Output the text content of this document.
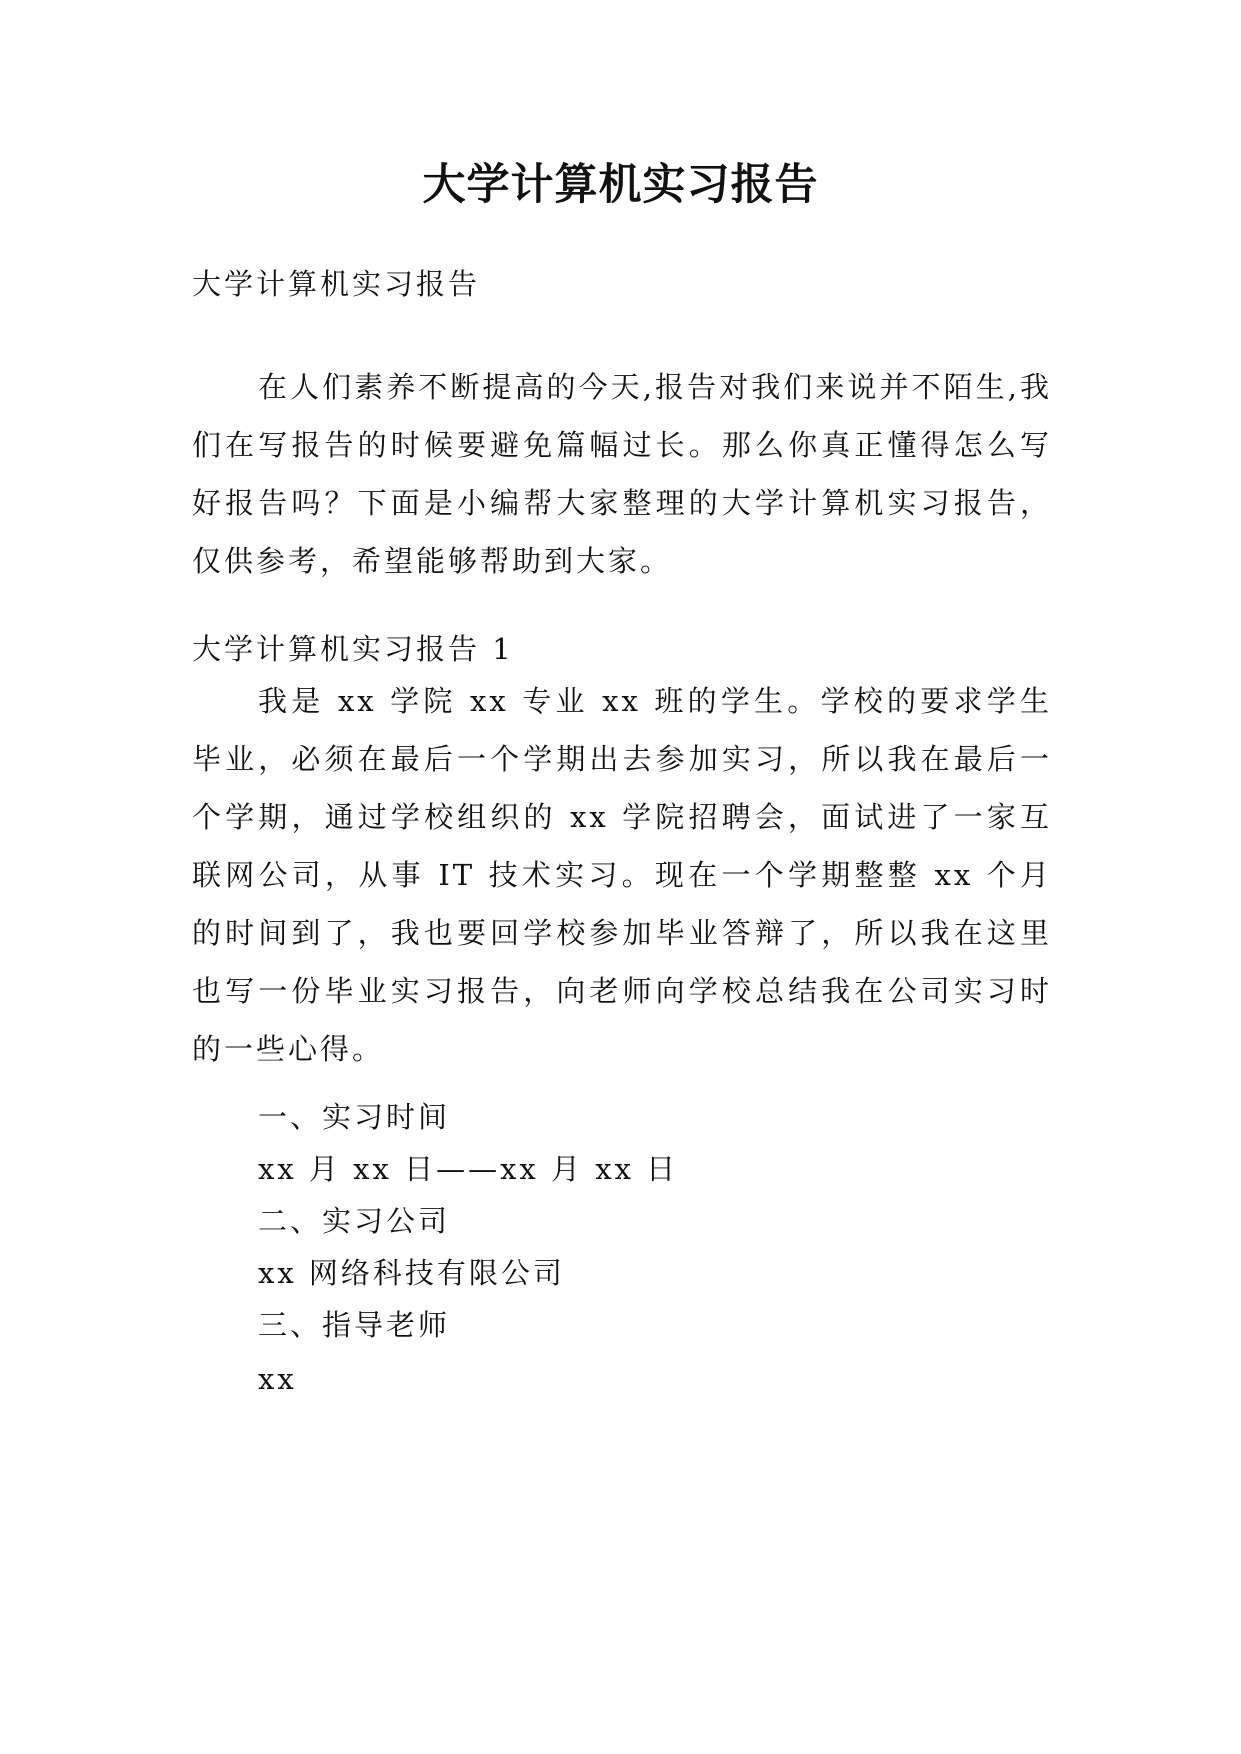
大学计算机实习报告
大学计算机实习报告
在人们素养不断提高的今天,报告对我们来说并不陌生,我们在写报告的时候要避免篇幅过长。那么你真正懂得怎么写好报告吗？下面是小编帮大家整理的大学计算机实习报告，仅供参考，希望能够帮助到大家。
大学计算机实习报告 1
我是 xx 学院 xx 专业 xx 班的学生。学校的要求学生毕业，必须在最后一个学期出去参加实习，所以我在最后一个学期，通过学校组织的 xx 学院招聘会，面试进了一家互联网公司，从事 IT 技术实习。现在一个学期整整 xx 个月的时间到了，我也要回学校参加毕业答辩了，所以我在这里也写一份毕业实习报告，向老师向学校总结我在公司实习时的一些心得。
一、实习时间
xx 月 xx 日——xx 月 xx 日
二、实习公司
xx 网络科技有限公司
三、指导老师
xx
